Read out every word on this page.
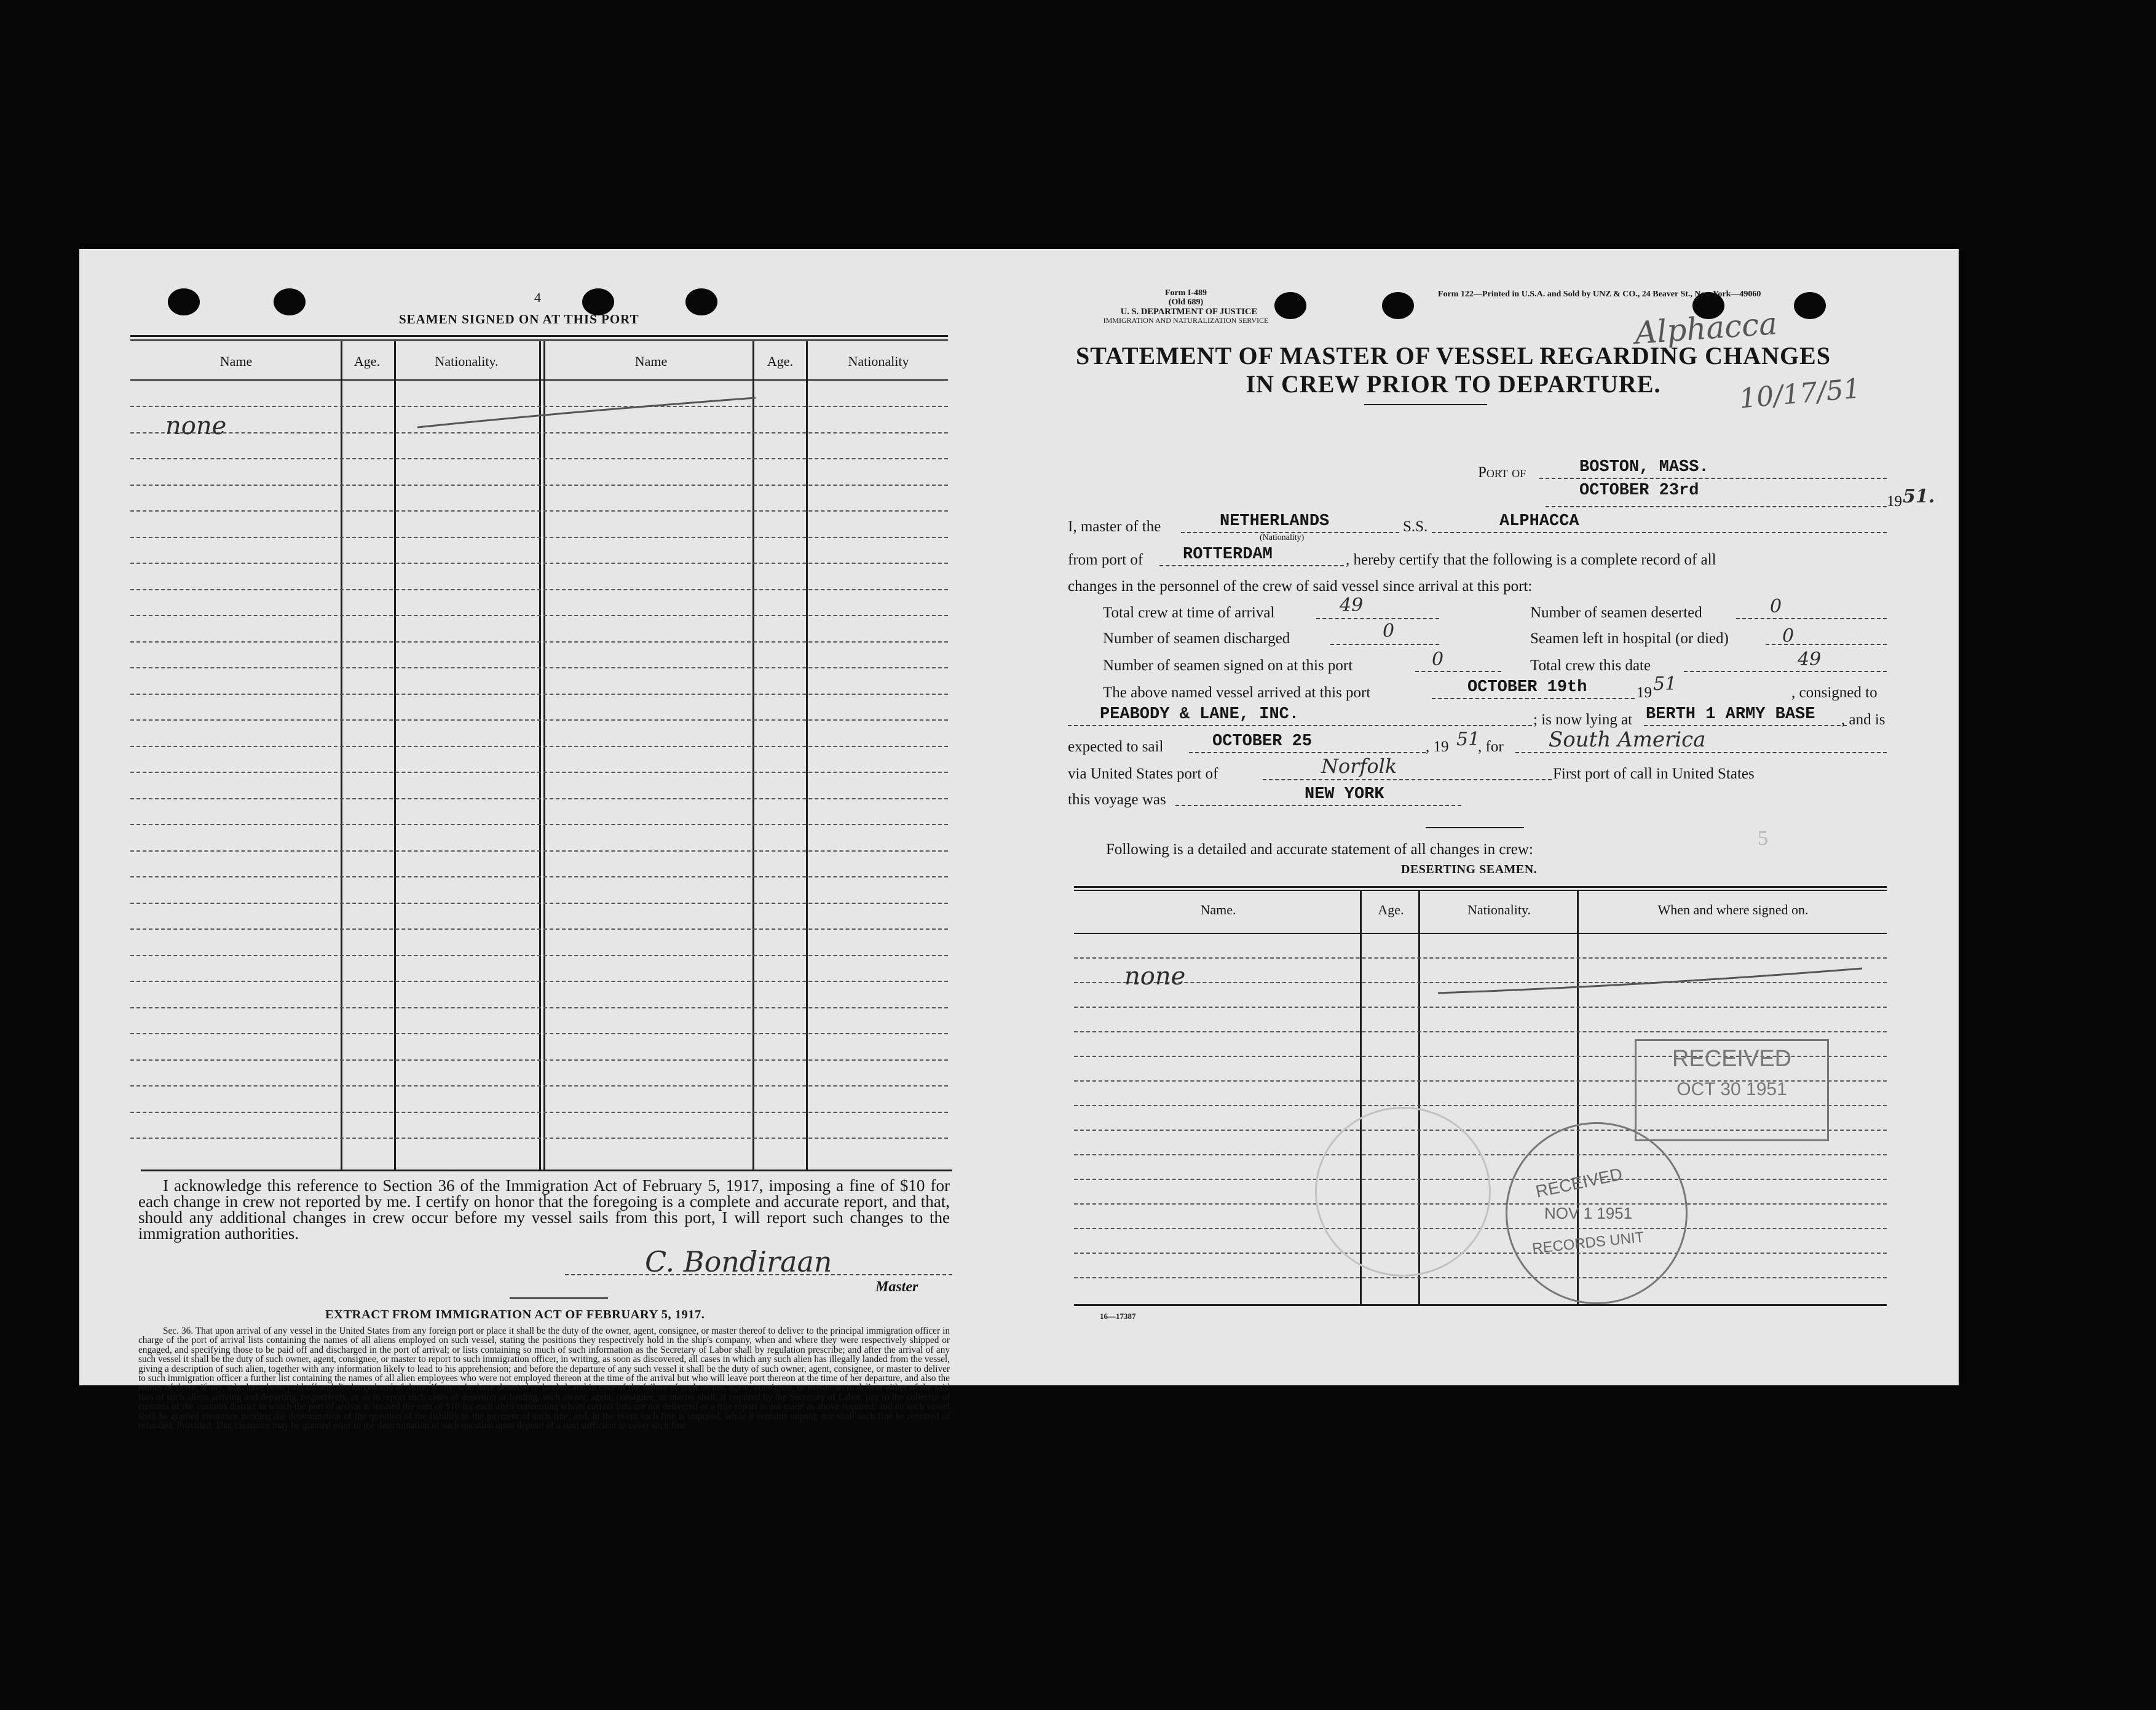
4
SEAMEN SIGNED ON AT THIS PORT
Name	Age.	Nationality.	Name	Age.	Nationality
none
I acknowledge this reference to Section 36 of the Immigration Act of February 5, 1917, imposing a fine of $10 for each change in crew not reported by me. I certify on honor that the foregoing is a complete and accurate report, and that, should any additional changes in crew occur before my vessel sails from this port, I will report such changes to the immigration authorities.
C. Bondiraan
Master
EXTRACT FROM IMMIGRATION ACT OF FEBRUARY 5, 1917.
Sec. 36. That upon arrival of any vessel in the United States from any foreign port or place it shall be the duty of the owner, agent, consignee, or master thereof to deliver to the principal immigration officer in charge of the port of arrival lists containing the names of all aliens employed on such vessel, stating the positions they respectively hold in the ship's company, when and where they were respectively shipped or engaged, and specifying those to be paid off and discharged in the port of arrival; or lists containing so much of such information as the Secretary of Labor shall by regulation prescribe; and after the arrival of any such vessel it shall be the duty of such owner, agent, consignee, or master to report to such immigration officer, in writing, as soon as discovered, all cases in which any such alien has illegally landed from the vessel, giving a description of such alien, together with any information likely to lead to his apprehension; and before the departure of any such vessel it shall be the duty of such owner, agent, consignee, or master to deliver to such immigration officer a further list containing the names of all alien employees who were not employed thereon at the time of the arrival but who will leave port thereon at the time of her departure, and also the names of those, if any, who have been paid off and discharged and of those, if any, who have deserted or landed; and in case of the failure of such owner, agent, consignee, or master so to deliver either of the said lists of such aliens arriving and departing, respectively, or so to report such cases of desertion or landing, such owner, agent, consignee, or master shall, if required by the Secretary of Labor, pay to the collector of customs of the customs district in which the port of arrival is located the sum of $10 for each alien concerning whom correct lists are not delivered or a true report is not made as above required; and no such vessel shall be granted clearance pending the determination of the question of the liability to the payment of such fine, and, in the event such fine is imposed, while it remains unpaid; nor shall such fine be remitted or refunded; Provided, That clearance may be granted prior to the determination of such question upon deposit of a sum sufficient to cover such fine
Form I-489
(Old 689)
U. S. DEPARTMENT OF JUSTICE
IMMIGRATION AND NATURALIZATION SERVICE
Form 122—Printed in U.S.A. and Sold by UNZ & CO., 24 Beaver St., New York—49060
Alphacca
10/17/51
STATEMENT OF MASTER OF VESSEL REGARDING CHANGES
IN CREW PRIOR TO DEPARTURE.
Port of	BOSTON, MASS.
OCTOBER 23rd
19 51.
I, master of the	NETHERLANDS
(Nationality)
S.S.	ALPHACCA
from port of ROTTERDAM	, hereby certify that the following is a complete record of all
changes in the personnel of the crew of said vessel since arrival at this port:
Total crew at time of arrival	49	Number of seamen deserted	0
Number of seamen discharged	0	Seamen left in hospital (or died)	0
Number of seamen signed on at this port	0	Total crew this date	49
The above named vessel arrived at this port	OCTOBER 19th	19 51	, consigned to
PEABODY & LANE, INC.	; is now lying at BERTH 1 ARMY BASE , and is
expected to sail	OCTOBER 25	, 19 51
, for South America
via United States port of	Norfolk	First port of call in United States
this voyage was	NEW YORK
Following is a detailed and accurate statement of all changes in crew:
DESERTING SEAMEN.
5
Name.	Age.	Nationality.	When and where signed on.
none
RECEIVED
OCT 30 1951
RECEIVED
NOV 1 1951
RECORDS UNIT
16—17387
